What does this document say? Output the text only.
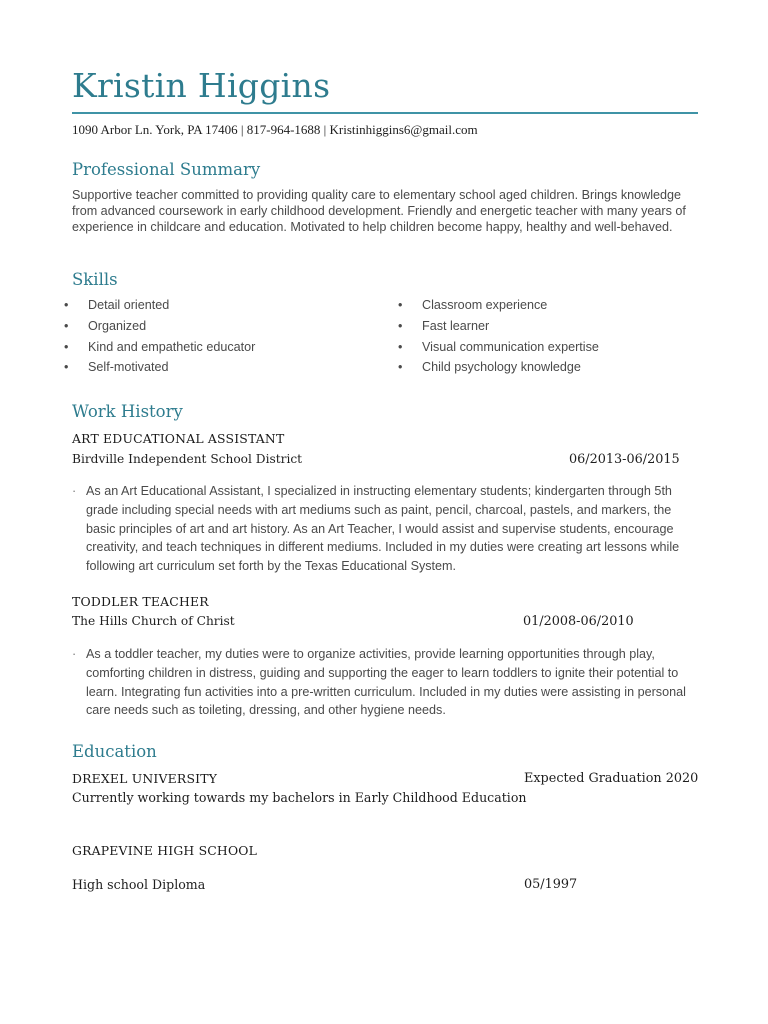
Kristin Higgins
1090 Arbor Ln. York, PA 17406 | 817-964-1688 | Kristinhiggins6@gmail.com
Professional Summary
Supportive teacher committed to providing quality care to elementary school aged children. Brings knowledge from advanced coursework in early childhood development. Friendly and energetic teacher with many years of experience in childcare and education. Motivated to help children become happy, healthy and well-behaved.
Skills
• Detail oriented
• Organized
• Kind and empathetic educator
• Self-motivated
• Classroom experience
• Fast learner
• Visual communication expertise
• Child psychology knowledge
Work History
ART EDUCATIONAL ASSISTANT
Birdville Independent School District	06/2013-06/2015
· As an Art Educational Assistant, I specialized in instructing elementary students; kindergarten through 5th grade including special needs with art mediums such as paint, pencil, charcoal, pastels, and markers, the basic principles of art and art history. As an Art Teacher, I would assist and supervise students, encourage creativity, and teach techniques in different mediums. Included in my duties were creating art lessons while following art curriculum set forth by the Texas Educational System.
TODDLER TEACHER
The Hills Church of Christ	01/2008-06/2010
· As a toddler teacher, my duties were to organize activities, provide learning opportunities through play, comforting children in distress, guiding and supporting the eager to learn toddlers to ignite their potential to learn. Integrating fun activities into a pre-written curriculum. Included in my duties were assisting in personal care needs such as toileting, dressing, and other hygiene needs.
Education
DREXEL UNIVERSITY	Expected Graduation 2020
Currently working towards my bachelors in Early Childhood Education
GRAPEVINE HIGH SCHOOL
High school Diploma	05/1997
